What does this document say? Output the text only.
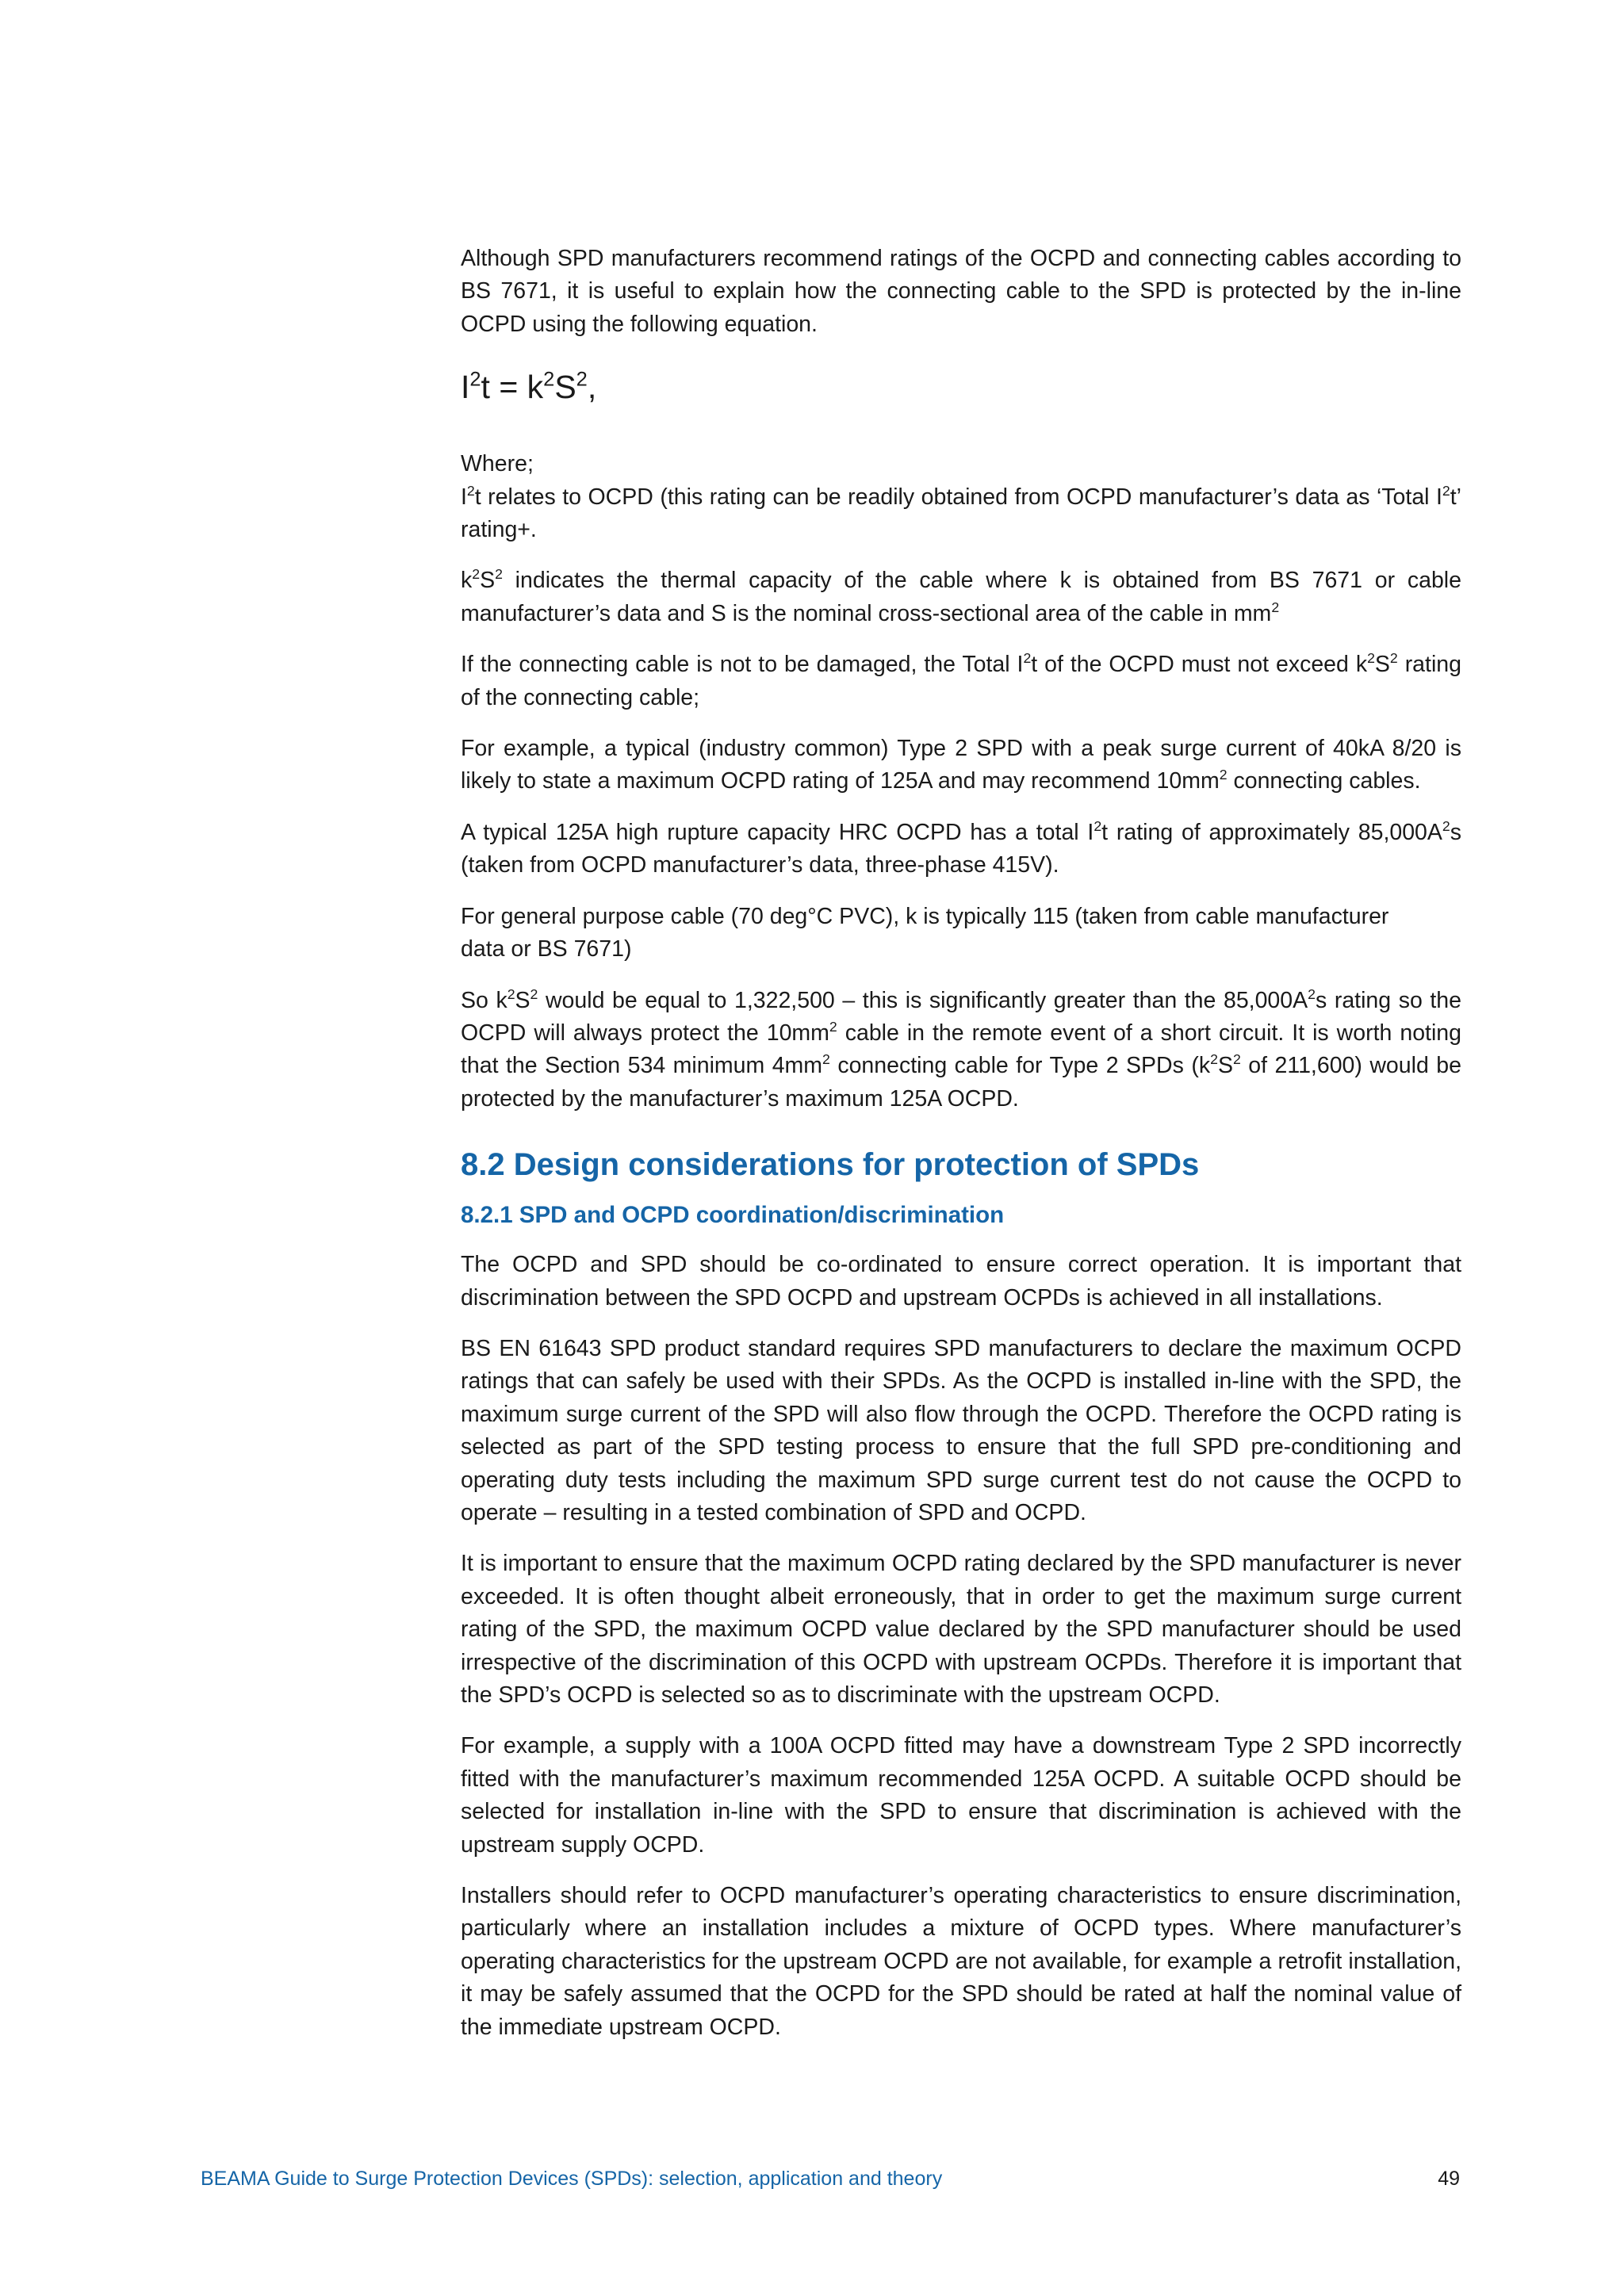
Although SPD manufacturers recommend ratings of the OCPD and connecting cables according to BS 7671, it is useful to explain how the connecting cable to the SPD is protected by the in-line OCPD using the following equation.

$I^2t = k^2S^2$,

Where;

$I^2t$ relates to OCPD (this rating can be readily obtained from OCPD manufacturer’s data as ‘Total $I^2t$’ rating+.

$k^2S^2$ indicates the thermal capacity of the cable where k is obtained from BS 7671 or cable manufacturer’s data and S is the nominal cross-sectional area of the cable in $mm^2$

If the connecting cable is not to be damaged, the Total $I^2t$ of the OCPD must not exceed $k^2S^2$ rating of the connecting cable;

For example, a typical (industry common) Type 2 SPD with a peak surge current of 40kA 8/20 is likely to state a maximum OCPD rating of 125A and may recommend $10mm^2$ connecting cables.

A typical 125A high rupture capacity HRC OCPD has a total $I^2t$ rating of approximately $85,000A^2s$ (taken from OCPD manufacturer’s data, three-phase 415V).

For general purpose cable (70 deg°C PVC), k is typically 115 (taken from cable manufacturer
data or BS 7671)

So $k^2S^2$ would be equal to 1,322,500 – this is significantly greater than the $85,000A^2s$ rating so the OCPD will always protect the $10mm^2$ cable in the remote event of a short circuit. It is worth noting that the Section 534 minimum $4mm^2$ connecting cable for Type 2 SPDs ($k^2S^2$ of 211,600) would be protected by the manufacturer’s maximum 125A OCPD.

8.2 Design considerations for protection of SPDs
8.2.1 SPD and OCPD coordination/discrimination

The OCPD and SPD should be co-ordinated to ensure correct operation. It is important that discrimination between the SPD OCPD and upstream OCPDs is achieved in all installations.

BS EN 61643 SPD product standard requires SPD manufacturers to declare the maximum OCPD ratings that can safely be used with their SPDs. As the OCPD is installed in-line with the SPD, the maximum surge current of the SPD will also flow through the OCPD. Therefore the OCPD rating is selected as part of the SPD testing process to ensure that the full SPD pre-conditioning and operating duty tests including the maximum SPD surge current test do not cause the OCPD to operate – resulting in a tested combination of SPD and OCPD.

It is important to ensure that the maximum OCPD rating declared by the SPD manufacturer is never exceeded. It is often thought albeit erroneously, that in order to get the maximum surge current rating of the SPD, the maximum OCPD value declared by the SPD manufacturer should be used irrespective of the discrimination of this OCPD with upstream OCPDs. Therefore it is important that the SPD’s OCPD is selected so as to discriminate with the upstream OCPD.

For example, a supply with a 100A OCPD fitted may have a downstream Type 2 SPD incorrectly fitted with the manufacturer’s maximum recommended 125A OCPD. A suitable OCPD should be selected for installation in-line with the SPD to ensure that discrimination is achieved with the upstream supply OCPD.

Installers should refer to OCPD manufacturer’s operating characteristics to ensure discrimination, particularly where an installation includes a mixture of OCPD types. Where manufacturer’s operating characteristics for the upstream OCPD are not available, for example a retrofit installation, it may be safely assumed that the OCPD for the SPD should be rated at half the nominal value of the immediate upstream OCPD.

BEAMA Guide to Surge Protection Devices (SPDs): selection, application and theory	49
